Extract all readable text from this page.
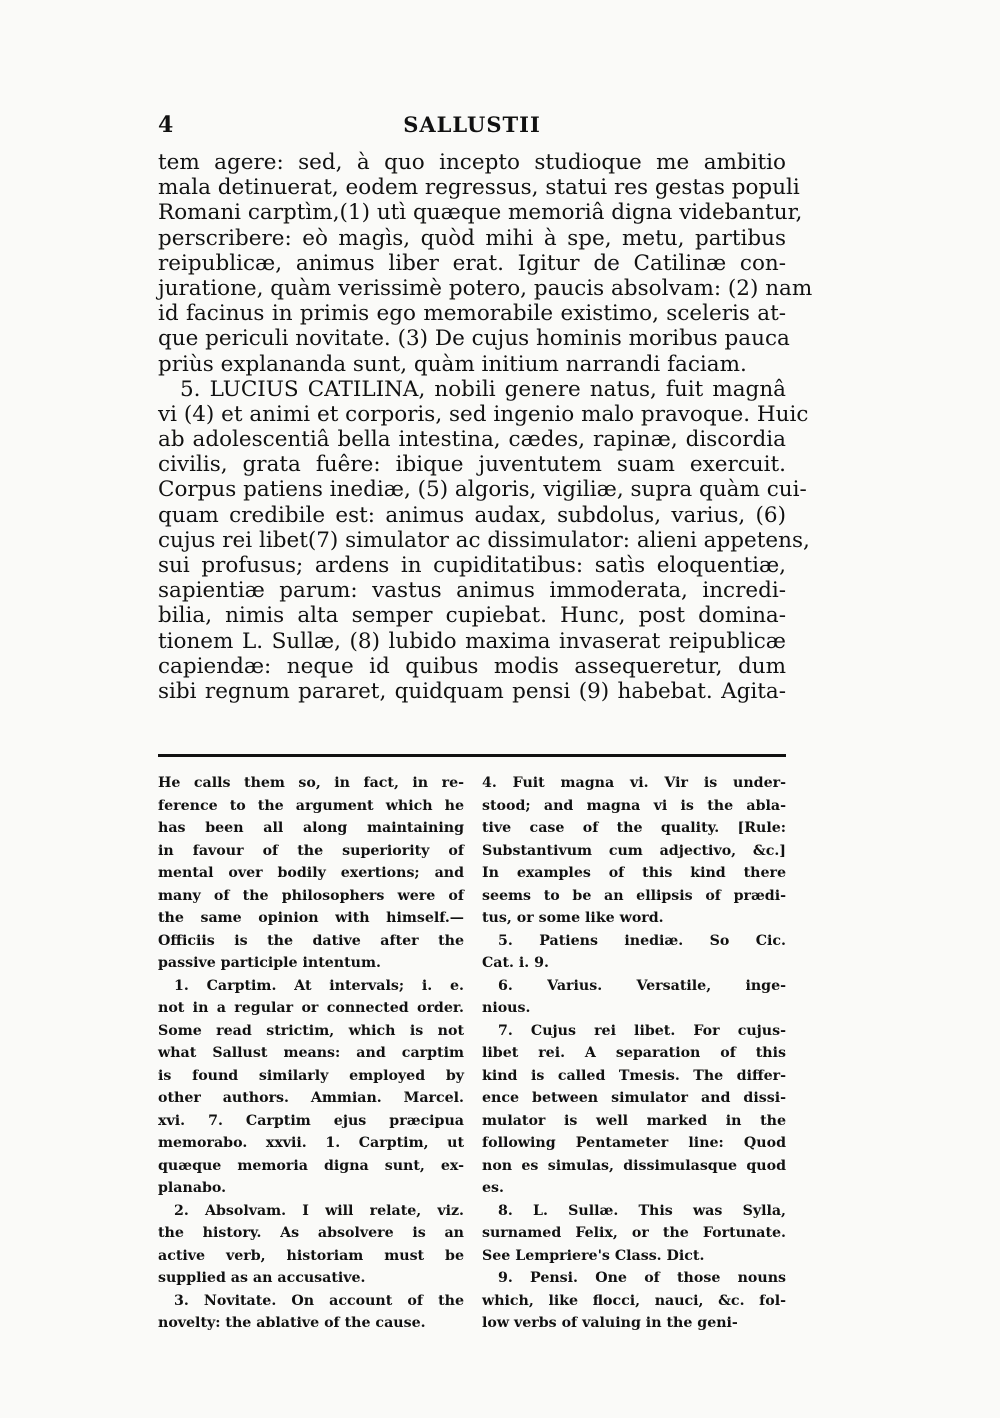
4	SALLUSTII
tem agere: sed, à quo incepto studioque me ambitio
mala detinuerat, eodem regressus, statui res gestas populi
Romani carptìm,(1) utì quæque memoriâ digna videbantur,
perscribere: eò magìs, quòd mihi à spe, metu, partibus
reipublicæ, animus liber erat. Igitur de Catilinæ con-
juratione, quàm verissimè potero, paucis absolvam: (2) nam
id facinus in primis ego memorabile existimo, sceleris at-
que periculi novitate. (3) De cujus hominis moribus pauca
priùs explananda sunt, quàm initium narrandi faciam.
5. LUCIUS CATILINA, nobili genere natus, fuit magnâ
vi (4) et animi et corporis, sed ingenio malo pravoque. Huic
ab adolescentiâ bella intestina, cædes, rapinæ, discordia
civilis, grata fuêre: ibique juventutem suam exercuit.
Corpus patiens inediæ, (5) algoris, vigiliæ, supra quàm cui-
quam credibile est: animus audax, subdolus, varius, (6)
cujus rei libet(7) simulator ac dissimulator: alieni appetens,
sui profusus; ardens in cupiditatibus: satìs eloquentiæ,
sapientiæ parum: vastus animus immoderata, incredi-
bilia, nimis alta semper cupiebat. Hunc, post domina-
tionem L. Sullæ, (8) lubido maxima invaserat reipublicæ
capiendæ: neque id quibus modis assequeretur, dum
sibi regnum pararet, quidquam pensi (9) habebat. Agita-
He calls them so, in fact, in re-
ference to the argument which he
has been all along maintaining
in favour of the superiority of
mental over bodily exertions; and
many of the philosophers were of
the same opinion with himself.—
Officiis is the dative after the
passive participle intentum.
1. Carptim. At intervals; i. e.
not in a regular or connected order.
Some read strictim, which is not
what Sallust means: and carptim
is found similarly employed by
other authors. Ammian. Marcel.
xvi. 7. Carptim ejus præcipua
memorabo. xxvii. 1. Carptim, ut
quæque memoria digna sunt, ex-
planabo.
2. Absolvam. I will relate, viz.
the history. As absolvere is an
active verb, historiam must be
supplied as an accusative.
3. Novitate. On account of the
novelty: the ablative of the cause.
4. Fuit magna vi. Vir is under-
stood; and magna vi is the abla-
tive case of the quality. [Rule:
Substantivum cum adjectivo, &c.]
In examples of this kind there
seems to be an ellipsis of prædi-
tus, or some like word.
5. Patiens inediæ. So Cic.
Cat. i. 9.
6. Varius. Versatile, inge-
nious.
7. Cujus rei libet. For cujus-
libet rei. A separation of this
kind is called Tmesis. The differ-
ence between simulator and dissi-
mulator is well marked in the
following Pentameter line: Quod
non es simulas, dissimulasque quod
es.
8. L. Sullæ. This was Sylla,
surnamed Felix, or the Fortunate.
See Lempriere's Class. Dict.
9. Pensi. One of those nouns
which, like flocci, nauci, &c. fol-
low verbs of valuing in the geni-
